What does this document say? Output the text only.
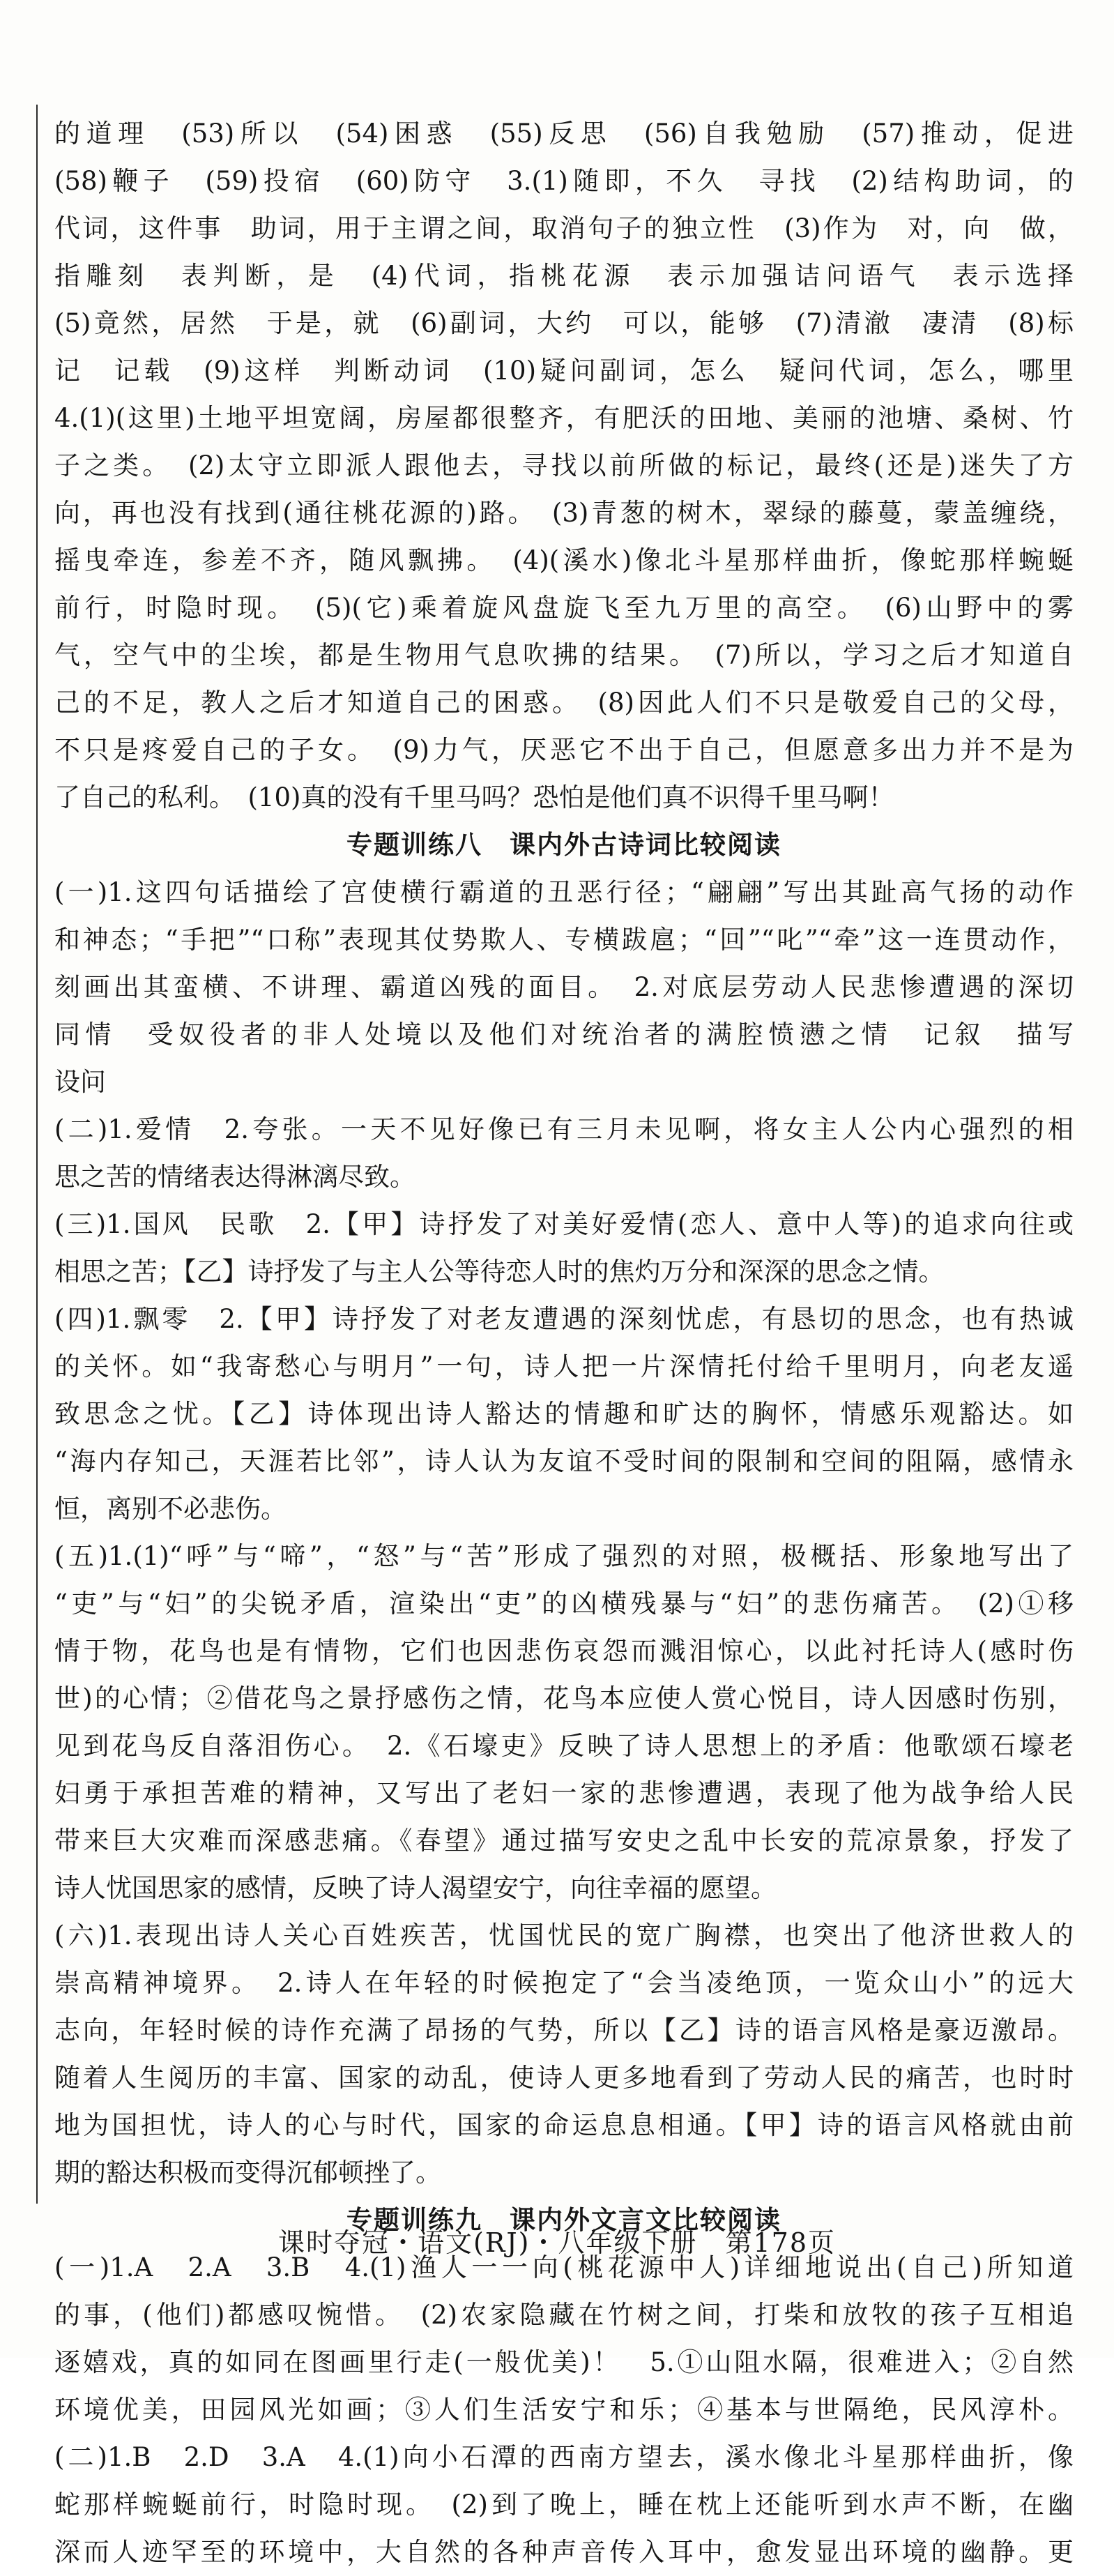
的道理　(53)所以　(54)困惑　(55)反思　(56)自我勉励　(57)推动，促进
(58)鞭子　(59)投宿　(60)防守　3.(1)随即，不久　寻找　(2)结构助词，的
代词，这件事　助词，用于主谓之间，取消句子的独立性　(3)作为　对，向　做，
指雕刻　表判断，是　(4)代词，指桃花源　表示加强诘问语气　表示选择
(5)竟然，居然　于是，就　(6)副词，大约　可以，能够　(7)清澈　凄清　(8)标
记　记载　(9)这样　判断动词　(10)疑问副词，怎么　疑问代词，怎么，哪里
4.(1)(这里)土地平坦宽阔，房屋都很整齐，有肥沃的田地、美丽的池塘、桑树、竹
子之类。　(2)太守立即派人跟他去，寻找以前所做的标记，最终(还是)迷失了方
向，再也没有找到(通往桃花源的)路。　(3)青葱的树木，翠绿的藤蔓，蒙盖缠绕，
摇曳牵连，参差不齐，随风飘拂。　(4)(溪水)像北斗星那样曲折，像蛇那样蜿蜒
前行，时隐时现。　(5)(它)乘着旋风盘旋飞至九万里的高空。　(6)山野中的雾
气，空气中的尘埃，都是生物用气息吹拂的结果。　(7)所以，学习之后才知道自
己的不足，教人之后才知道自己的困惑。　(8)因此人们不只是敬爱自己的父母，
不只是疼爱自己的子女。　(9)力气，厌恶它不出于自己，但愿意多出力并不是为
了自己的私利。　(10)真的没有千里马吗？恐怕是他们真不识得千里马啊！
专题训练八　课内外古诗词比较阅读
(一)1.这四句话描绘了宫使横行霸道的丑恶行径；“翩翩”写出其趾高气扬的动作
和神态；“手把”“口称”表现其仗势欺人、专横跋扈；“回”“叱”“牵”这一连贯动作，
刻画出其蛮横、不讲理、霸道凶残的面目。　2.对底层劳动人民悲惨遭遇的深切
同情　受奴役者的非人处境以及他们对统治者的满腔愤懑之情　记叙　描写
设问
(二)1.爱情　2.夸张。一天不见好像已有三月未见啊，将女主人公内心强烈的相
思之苦的情绪表达得淋漓尽致。
(三)1.国风　民歌　2.【甲】诗抒发了对美好爱情(恋人、意中人等)的追求向往或
相思之苦；【乙】诗抒发了与主人公等待恋人时的焦灼万分和深深的思念之情。
(四)1.飘零　2.【甲】诗抒发了对老友遭遇的深刻忧虑，有恳切的思念，也有热诚
的关怀。如“我寄愁心与明月”一句，诗人把一片深情托付给千里明月，向老友遥
致思念之忧。【乙】诗体现出诗人豁达的情趣和旷达的胸怀，情感乐观豁达。如
“海内存知己，天涯若比邻”，诗人认为友谊不受时间的限制和空间的阻隔，感情永
恒，离别不必悲伤。
(五)1.(1)“呼”与“啼”，“怒”与“苦”形成了强烈的对照，极概括、形象地写出了
“吏”与“妇”的尖锐矛盾，渲染出“吏”的凶横残暴与“妇”的悲伤痛苦。　(2)①移
情于物，花鸟也是有情物，它们也因悲伤哀怨而溅泪惊心，以此衬托诗人(感时伤
世)的心情；②借花鸟之景抒感伤之情，花鸟本应使人赏心悦目，诗人因感时伤别，
见到花鸟反自落泪伤心。　2.《石壕吏》反映了诗人思想上的矛盾：他歌颂石壕老
妇勇于承担苦难的精神，又写出了老妇一家的悲惨遭遇，表现了他为战争给人民
带来巨大灾难而深感悲痛。《春望》通过描写安史之乱中长安的荒凉景象，抒发了
诗人忧国思家的感情，反映了诗人渴望安宁，向往幸福的愿望。
(六)1.表现出诗人关心百姓疾苦，忧国忧民的宽广胸襟，也突出了他济世救人的
崇高精神境界。　2.诗人在年轻的时候抱定了“会当凌绝顶，一览众山小”的远大
志向，年轻时候的诗作充满了昂扬的气势，所以【乙】诗的语言风格是豪迈激昂。
随着人生阅历的丰富、国家的动乱，使诗人更多地看到了劳动人民的痛苦，也时时
地为国担忧，诗人的心与时代，国家的命运息息相通。【甲】诗的语言风格就由前
期的豁达积极而变得沉郁顿挫了。
专题训练九　课内外文言文比较阅读
(一)1.A　2.A　3.B　4.(1)渔人一一向(桃花源中人)详细地说出(自己)所知道
的事，(他们)都感叹惋惜。　(2)农家隐藏在竹树之间，打柴和放牧的孩子互相追
逐嬉戏，真的如同在图画里行走(一般优美)！　5.①山阻水隔，很难进入；②自然
环境优美，田园风光如画；③人们生活安宁和乐；④基本与世隔绝，民风淳朴。
(二)1.B　2.D　3.A　4.(1)向小石潭的西南方望去，溪水像北斗星那样曲折，像
蛇那样蜿蜒前行，时隐时现。　(2)到了晚上，睡在枕上还能听到水声不断，在幽
深而人迹罕至的环境中，大自然的各种声音传入耳中，愈发显出环境的幽静。更
课时夺冠・语文(RJ)・八年级下册　第178页
